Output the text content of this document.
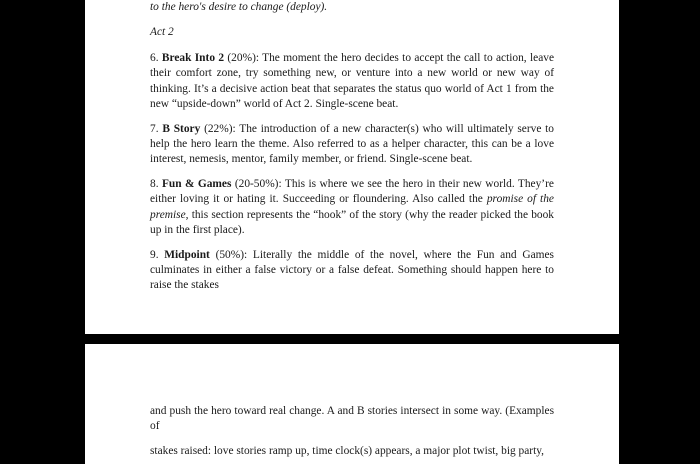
to the hero's desire to change (deploy).

Act 2

6. Break Into 2 (20%): The moment the hero decides to accept the call to action, leave their comfort zone, try something new, or venture into a new world or new way of thinking. It’s a decisive action beat that separates the status quo world of Act 1 from the new “upside-down” world of Act 2. Single-scene beat.

7. B Story (22%): The introduction of a new character(s) who will ultimately serve to help the hero learn the theme. Also referred to as a helper character, this can be a love interest, nemesis, mentor, family member, or friend. Single-scene beat.

8. Fun & Games (20-50%): This is where we see the hero in their new world. They’re either loving it or hating it. Succeeding or floundering. Also called the promise of the premise, this section represents the “hook” of the story (why the reader picked the book up in the first place).

9. Midpoint (50%): Literally the middle of the novel, where the Fun and Games culminates in either a false victory or a false defeat. Something should happen here to raise the stakes

and push the hero toward real change. A and B stories intersect in some way. (Examples of

stakes raised: love stories ramp up, time clock(s) appears, a major plot twist, big party,
